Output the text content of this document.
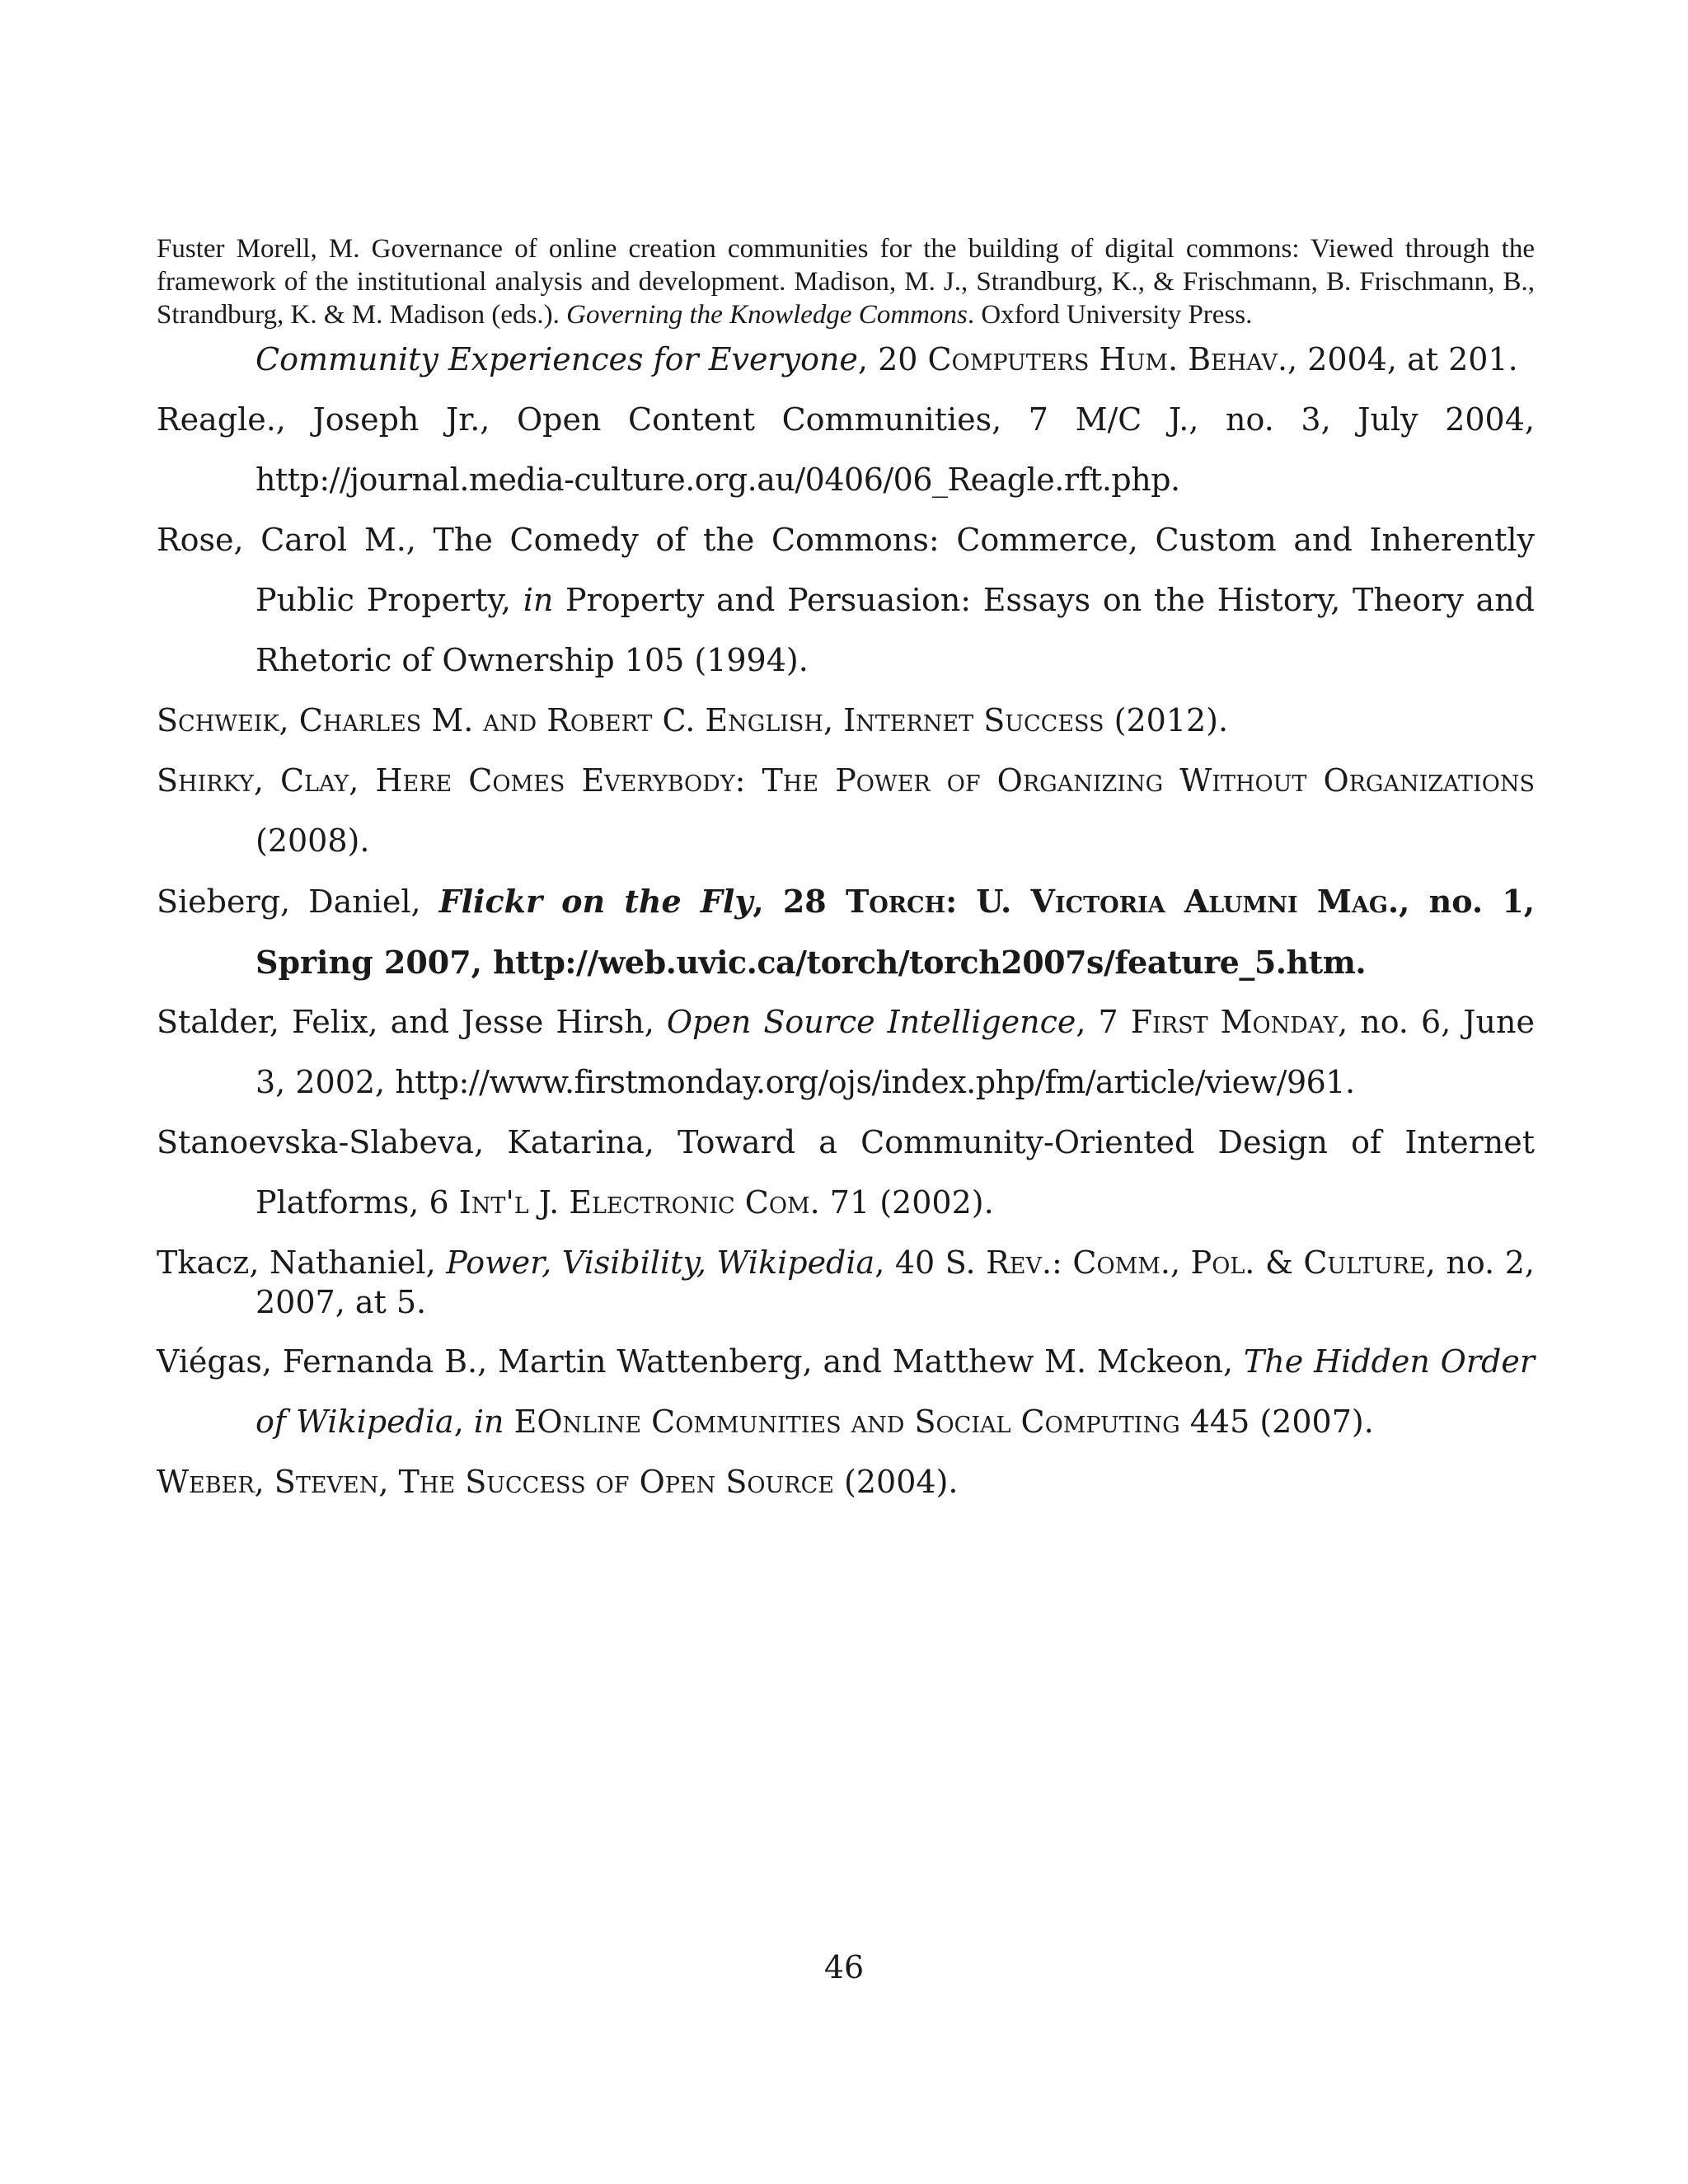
Fuster Morell, M. Governance of online creation communities for the building of digital commons: Viewed through the framework of the institutional analysis and development. Madison, M. J., Strandburg, K., & Frischmann, B. Frischmann, B., Strandburg, K. & M. Madison (eds.). Governing the Knowledge Commons. Oxford University Press.

Community Experiences for Everyone, 20 Computers Hum. Behav., 2004, at 201.

Reagle., Joseph Jr., Open Content Communities, 7 M/C J., no. 3, July 2004, http://journal.media-culture.org.au/0406/06_Reagle.rft.php.

Rose, Carol M., The Comedy of the Commons: Commerce, Custom and Inherently Public Property, in Property and Persuasion: Essays on the History, Theory and Rhetoric of Ownership 105 (1994).

Schweik, Charles M. and Robert C. English, Internet Success (2012).

Shirky, Clay, Here Comes Everybody: The Power of Organizing Without Organizations (2008).

Sieberg, Daniel, Flickr on the Fly, 28 Torch: U. Victoria Alumni Mag., no. 1, Spring 2007, http://web.uvic.ca/torch/torch2007s/feature_5.htm.

Stalder, Felix, and Jesse Hirsh, Open Source Intelligence, 7 First Monday, no. 6, June 3, 2002, http://www.firstmonday.org/ojs/index.php/fm/article/view/961.

Stanoevska-Slabeva, Katarina, Toward a Community-Oriented Design of Internet Platforms, 6 Int'l J. Electronic Com. 71 (2002).

Tkacz, Nathaniel, Power, Visibility, Wikipedia, 40 S. Rev.: Comm., Pol. & Culture, no. 2, 2007, at 5.

Viégas, Fernanda B., Martin Wattenberg, and Matthew M. Mckeon, The Hidden Order of Wikipedia, in EOnline Communities and Social Computing 445 (2007).

Weber, Steven, The Success of Open Source (2004).

46
